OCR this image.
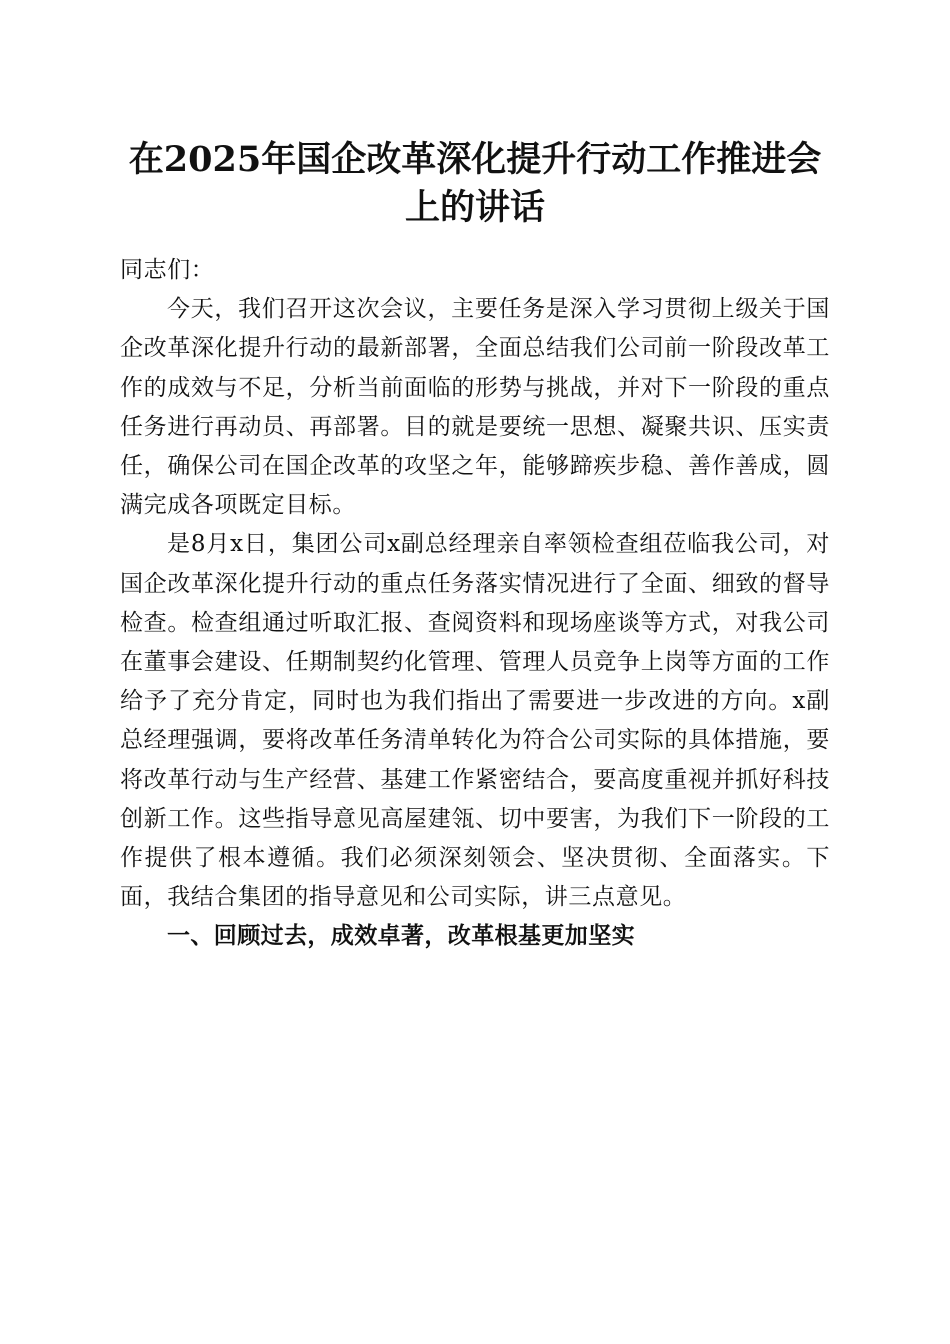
在2025年国企改革深化提升行动工作推进会
上的讲话

同志们：

今天，我们召开这次会议，主要任务是深入学习贯彻上级关于国企改革深化提升行动的最新部署，全面总结我们公司前一阶段改革工作的成效与不足，分析当前面临的形势与挑战，并对下一阶段的重点任务进行再动员、再部署。目的就是要统一思想、凝聚共识、压实责任，确保公司在国企改革的攻坚之年，能够蹄疾步稳、善作善成，圆满完成各项既定目标。

是8月x日，集团公司x副总经理亲自率领检查组莅临我公司，对国企改革深化提升行动的重点任务落实情况进行了全面、细致的督导检查。检查组通过听取汇报、查阅资料和现场座谈等方式，对我公司在董事会建设、任期制契约化管理、管理人员竞争上岗等方面的工作给予了充分肯定，同时也为我们指出了需要进一步改进的方向。x副总经理强调，要将改革任务清单转化为符合公司实际的具体措施，要将改革行动与生产经营、基建工作紧密结合，要高度重视并抓好科技创新工作。这些指导意见高屋建瓴、切中要害，为我们下一阶段的工作提供了根本遵循。我们必须深刻领会、坚决贯彻、全面落实。下面，我结合集团的指导意见和公司实际，讲三点意见。

一、回顾过去，成效卓著，改革根基更加坚实
